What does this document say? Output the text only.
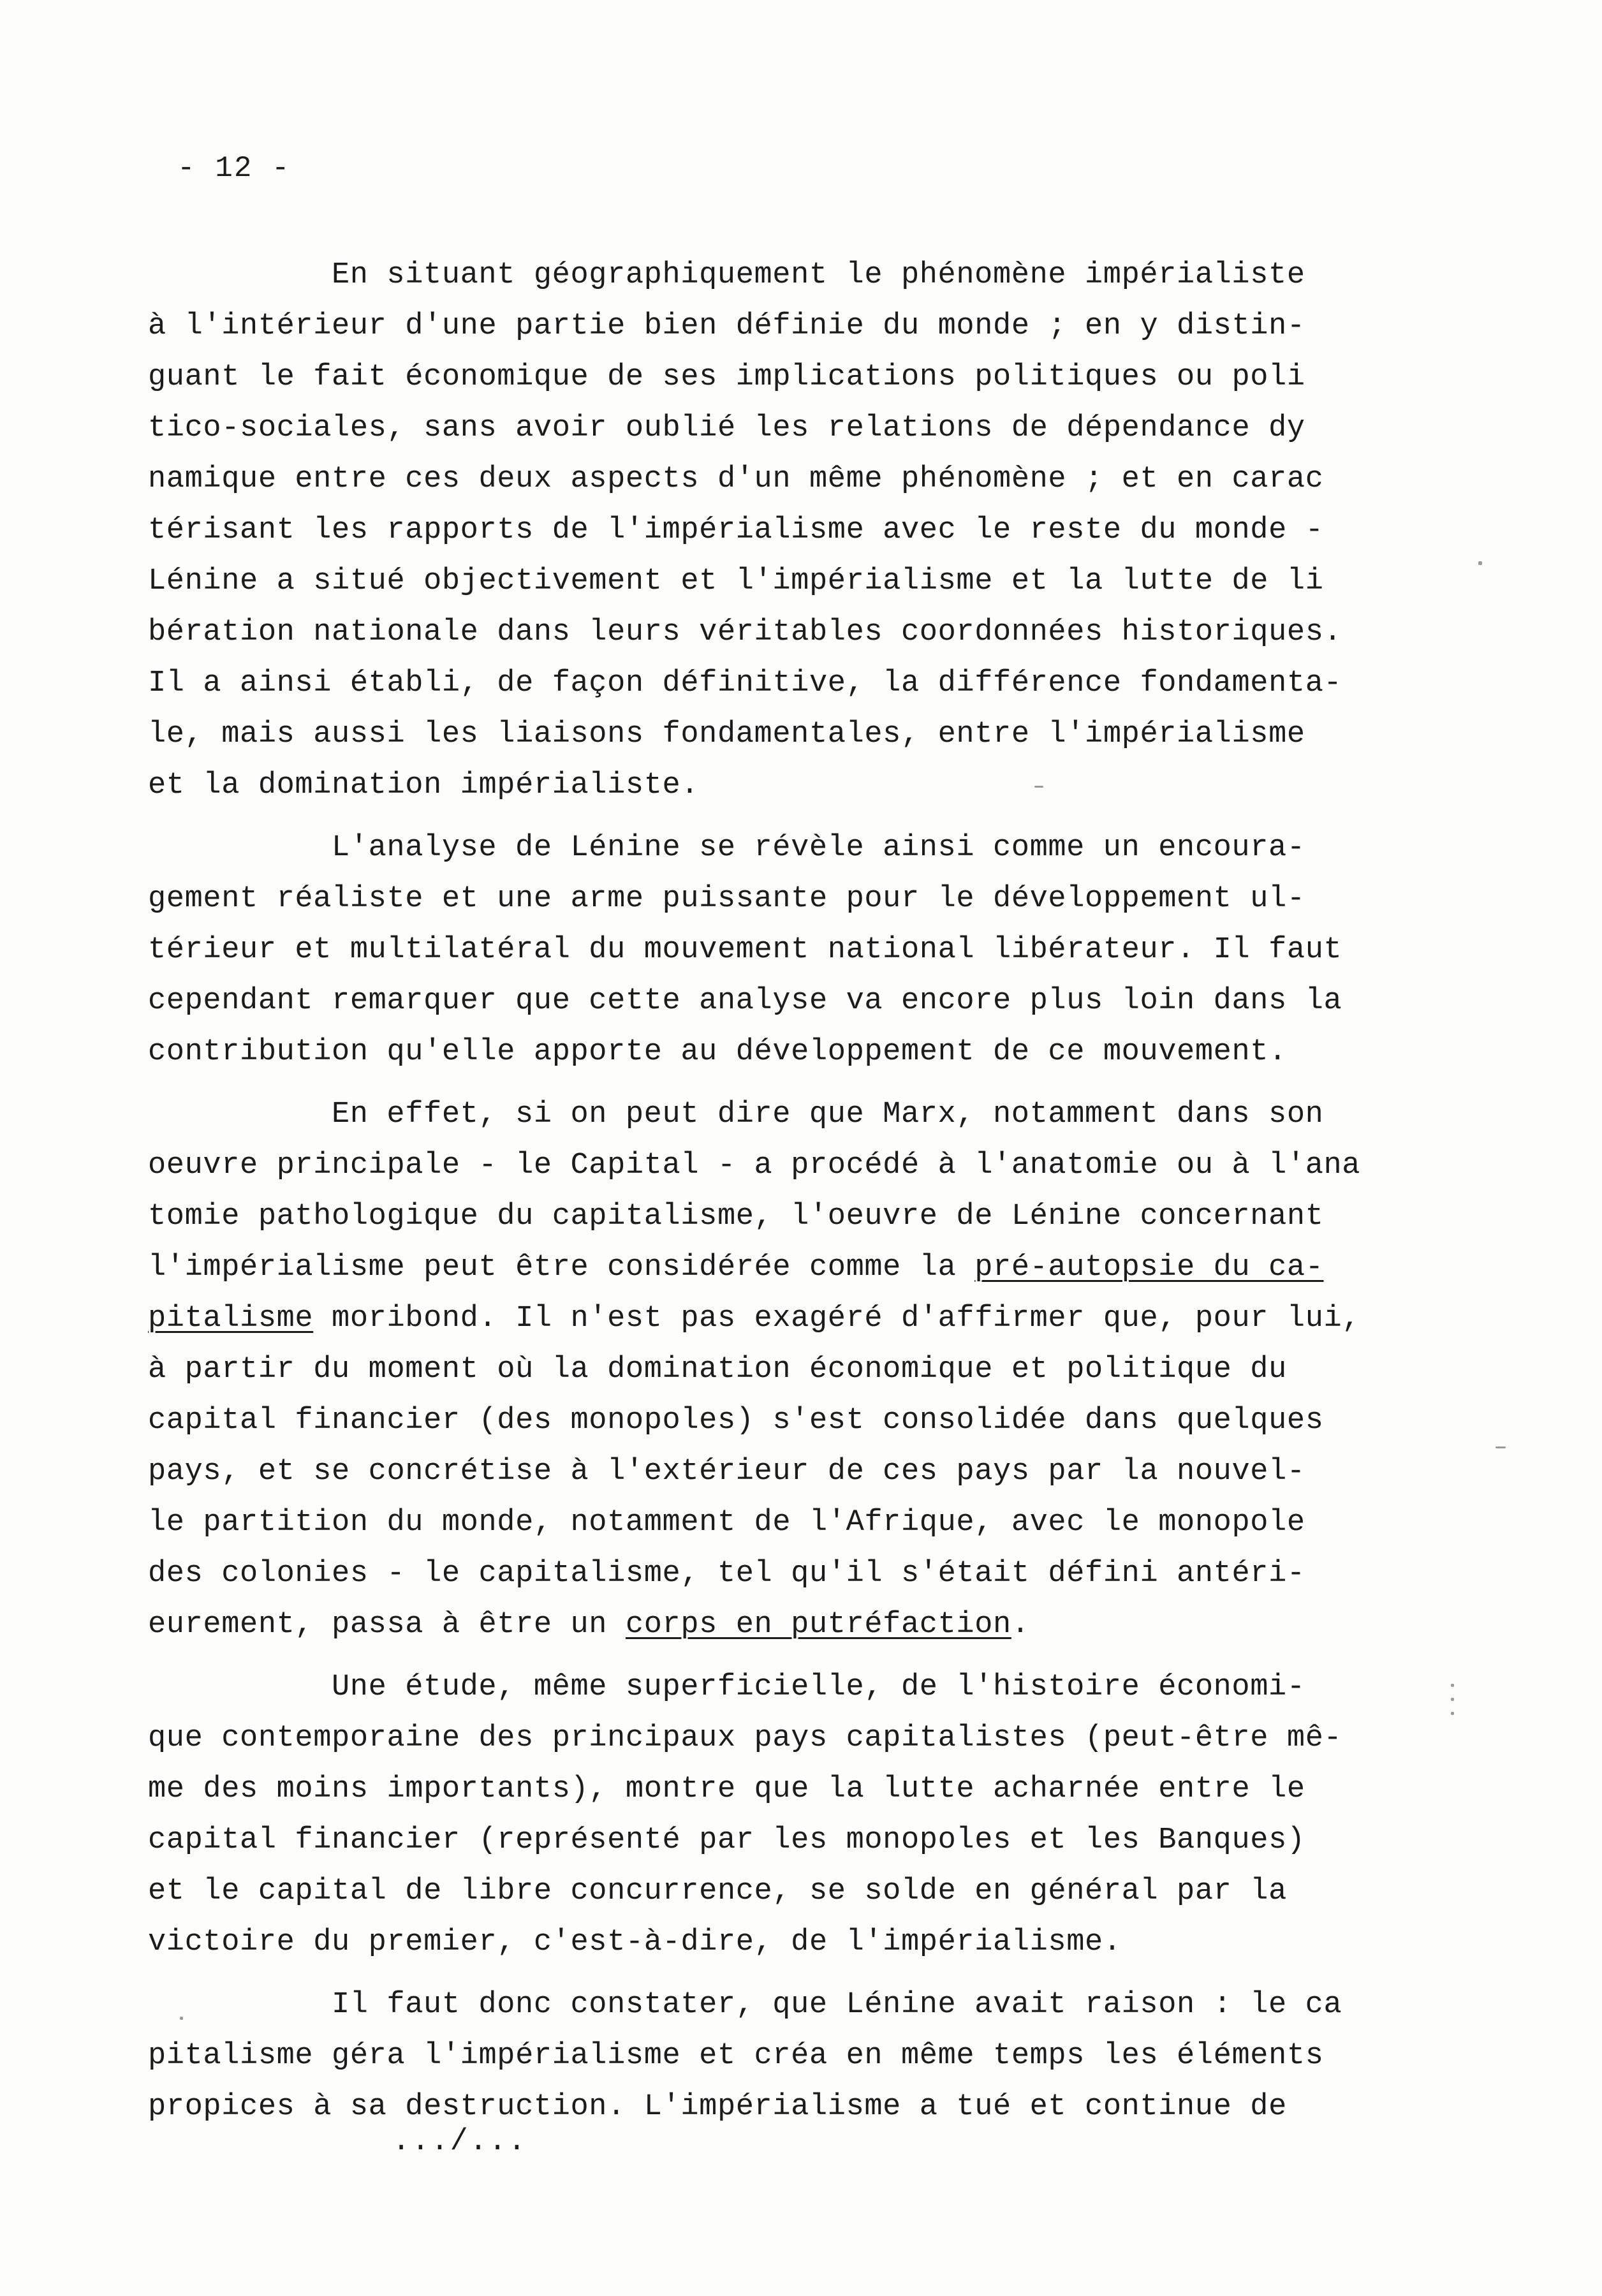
- 12 -
En situant géographiquement le phénomène impérialiste
à l'intérieur d'une partie bien définie du monde ; en y distin-
guant le fait économique de ses implications politiques ou poli
tico-sociales, sans avoir oublié les relations de dépendance dy
namique entre ces deux aspects d'un même phénomène ; et en carac
térisant les rapports de l'impérialisme avec le reste du monde -
Lénine a situé objectivement et l'impérialisme et la lutte de li
bération nationale dans leurs véritables coordonnées historiques.
Il a ainsi établi, de façon définitive, la différence fondamenta-
le, mais aussi les liaisons fondamentales, entre l'impérialisme
et la domination impérialiste.
L'analyse de Lénine se révèle ainsi comme un encoura-
gement réaliste et une arme puissante pour le développement ul-
térieur et multilatéral du mouvement national libérateur. Il faut
cependant remarquer que cette analyse va encore plus loin dans la
contribution qu'elle apporte au développement de ce mouvement.
En effet, si on peut dire que Marx, notamment dans son
oeuvre principale - le Capital - a procédé à l'anatomie ou à l'ana
tomie pathologique du capitalisme, l'oeuvre de Lénine concernant
l'impérialisme peut être considérée comme la pré-autopsie du ca-
pitalisme moribond. Il n'est pas exagéré d'affirmer que, pour lui,
à partir du moment où la domination économique et politique du
capital financier (des monopoles) s'est consolidée dans quelques
pays, et se concrétise à l'extérieur de ces pays par la nouvel-
le partition du monde, notamment de l'Afrique, avec le monopole
des colonies - le capitalisme, tel qu'il s'était défini antéri-
eurement, passa à être un corps en putréfaction.
Une étude, même superficielle, de l'histoire économi-
que contemporaine des principaux pays capitalistes (peut-être mê-
me des moins importants), montre que la lutte acharnée entre le
capital financier (représenté par les monopoles et les Banques)
et le capital de libre concurrence, se solde en général par la
victoire du premier, c'est-à-dire, de l'impérialisme.
Il faut donc constater, que Lénine avait raison : le ca
pitalisme géra l'impérialisme et créa en même temps les éléments
propices à sa destruction. L'impérialisme a tué et continue de
.../...
